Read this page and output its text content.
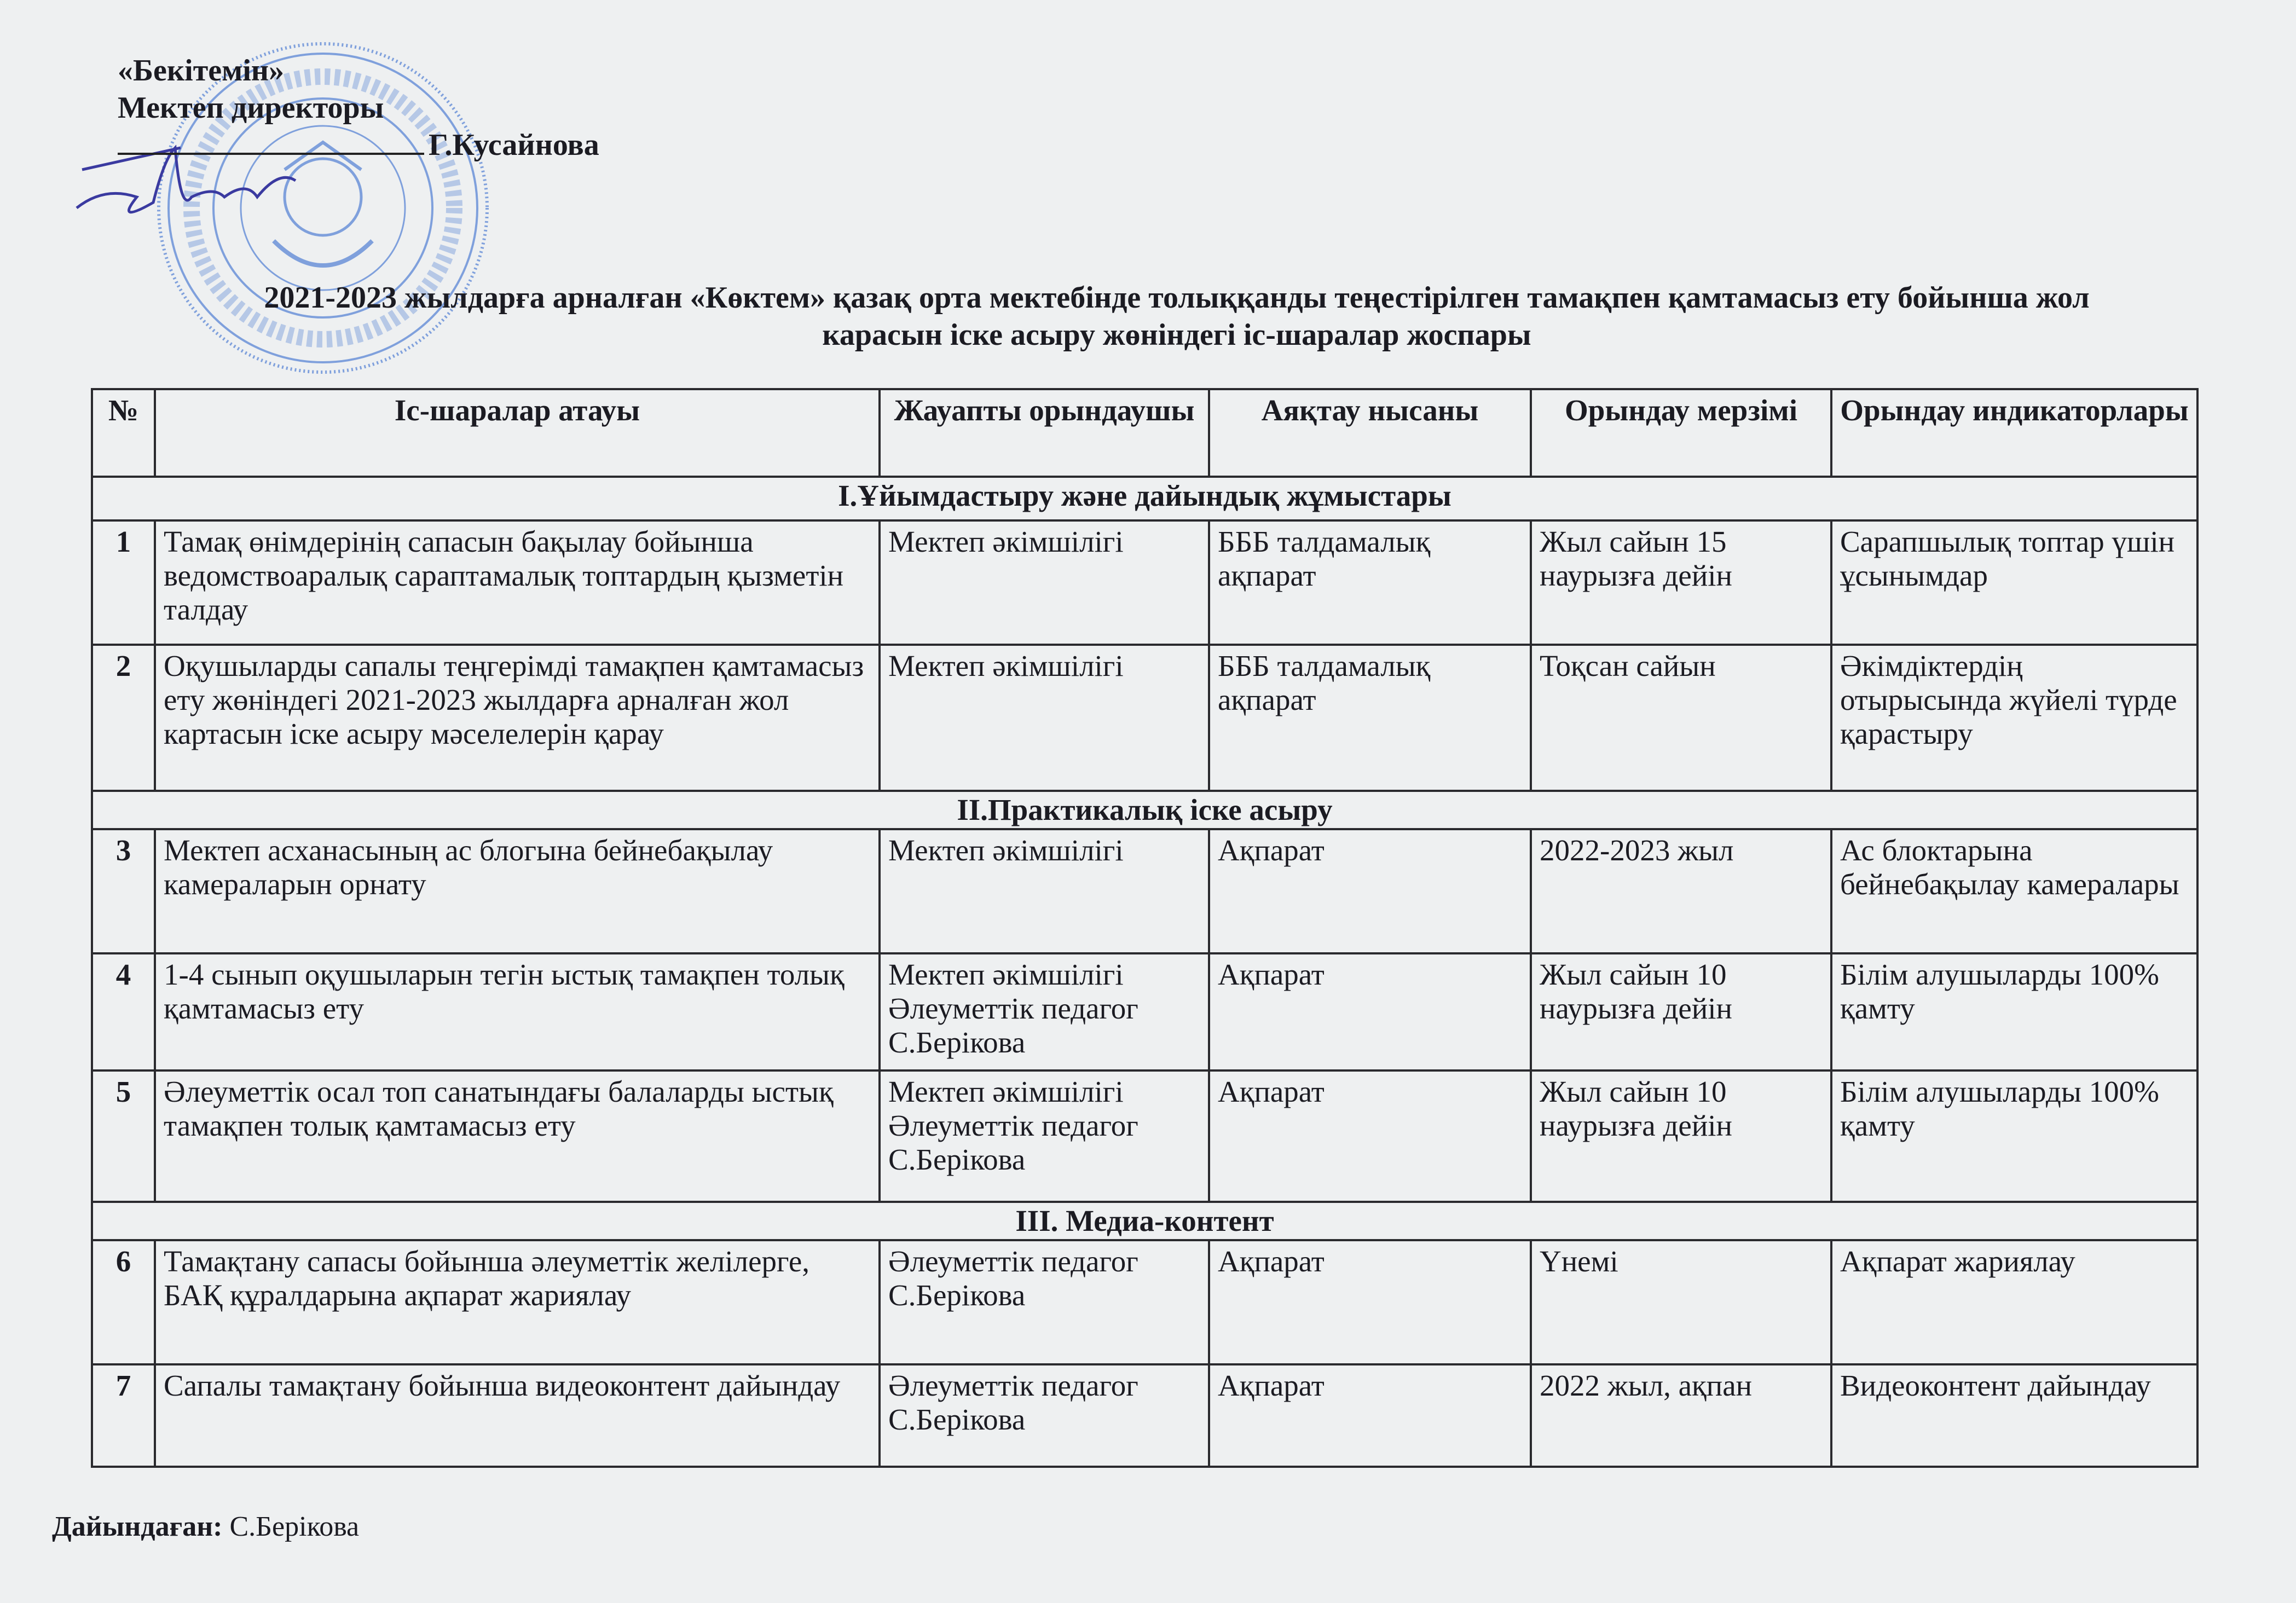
«Бекітемін»
Мектеп директоры
Г.Кусайнова
2021-2023 жылдарға арналған «Көктем» қазақ орта мектебінде толыққанды теңестірілген тамақпен қамтамасыз ету бойынша жол
карасын іске асыру жөніндегі іс-шаралар жоспары
№	Іс-шаралар атауы	Жауапты орындаушы	Аяқтау нысаны	Орындау мерзімі	Орындау индикаторлары
I.Ұйымдастыру және дайындық жұмыстары					
1	Тамақ өнімдерінің сапасын бақылау бойынша ведомствоаралық сараптамалық топтардың қызметін талдау	Мектеп әкімшілігі	БББ талдамалық ақпарат	Жыл сайын 15 наурызға дейін	Сарапшылық топтар үшін ұсынымдар
2	Оқушыларды сапалы теңгерімді тамақпен қамтамасыз ету жөніндегі 2021-2023 жылдарға арналған жол картасын іске асыру мәселелерін қарау	Мектеп әкімшілігі	БББ талдамалық ақпарат	Тоқсан сайын	Әкімдіктердің отырысында жүйелі түрде қарастыру
II.Практикалық іске асыру					
3	Мектеп асханасының ас блогына бейнебақылау камераларын орнату	Мектеп әкімшілігі	Ақпарат	2022-2023 жыл	Ас блоктарына бейнебақылау камералары
4	1-4 сынып оқушыларын тегін ыстық тамақпен толық қамтамасыз ету	Мектеп әкімшілігі Әлеуметтік педагог С.Берікова	Ақпарат	Жыл сайын 10 наурызға дейін	Білім алушыларды 100% қамту
5	Әлеуметтік осал топ санатындағы балаларды ыстық тамақпен толық қамтамасыз ету	Мектеп әкімшілігі Әлеуметтік педагог С.Берікова	Ақпарат	Жыл сайын 10 наурызға дейін	Білім алушыларды 100% қамту
III. Медиа-контент					
6	Тамақтану сапасы бойынша әлеуметтік желілерге, БАҚ құралдарына ақпарат жариялау	Әлеуметтік педагог С.Берікова	Ақпарат	Үнемі	Ақпарат жариялау
7	Сапалы тамақтану бойынша видеоконтент дайындау	Әлеуметтік педагог С.Берікова	Ақпарат	2022 жыл, ақпан	Видеоконтент дайындау
Дайындаған: С.Берікова
